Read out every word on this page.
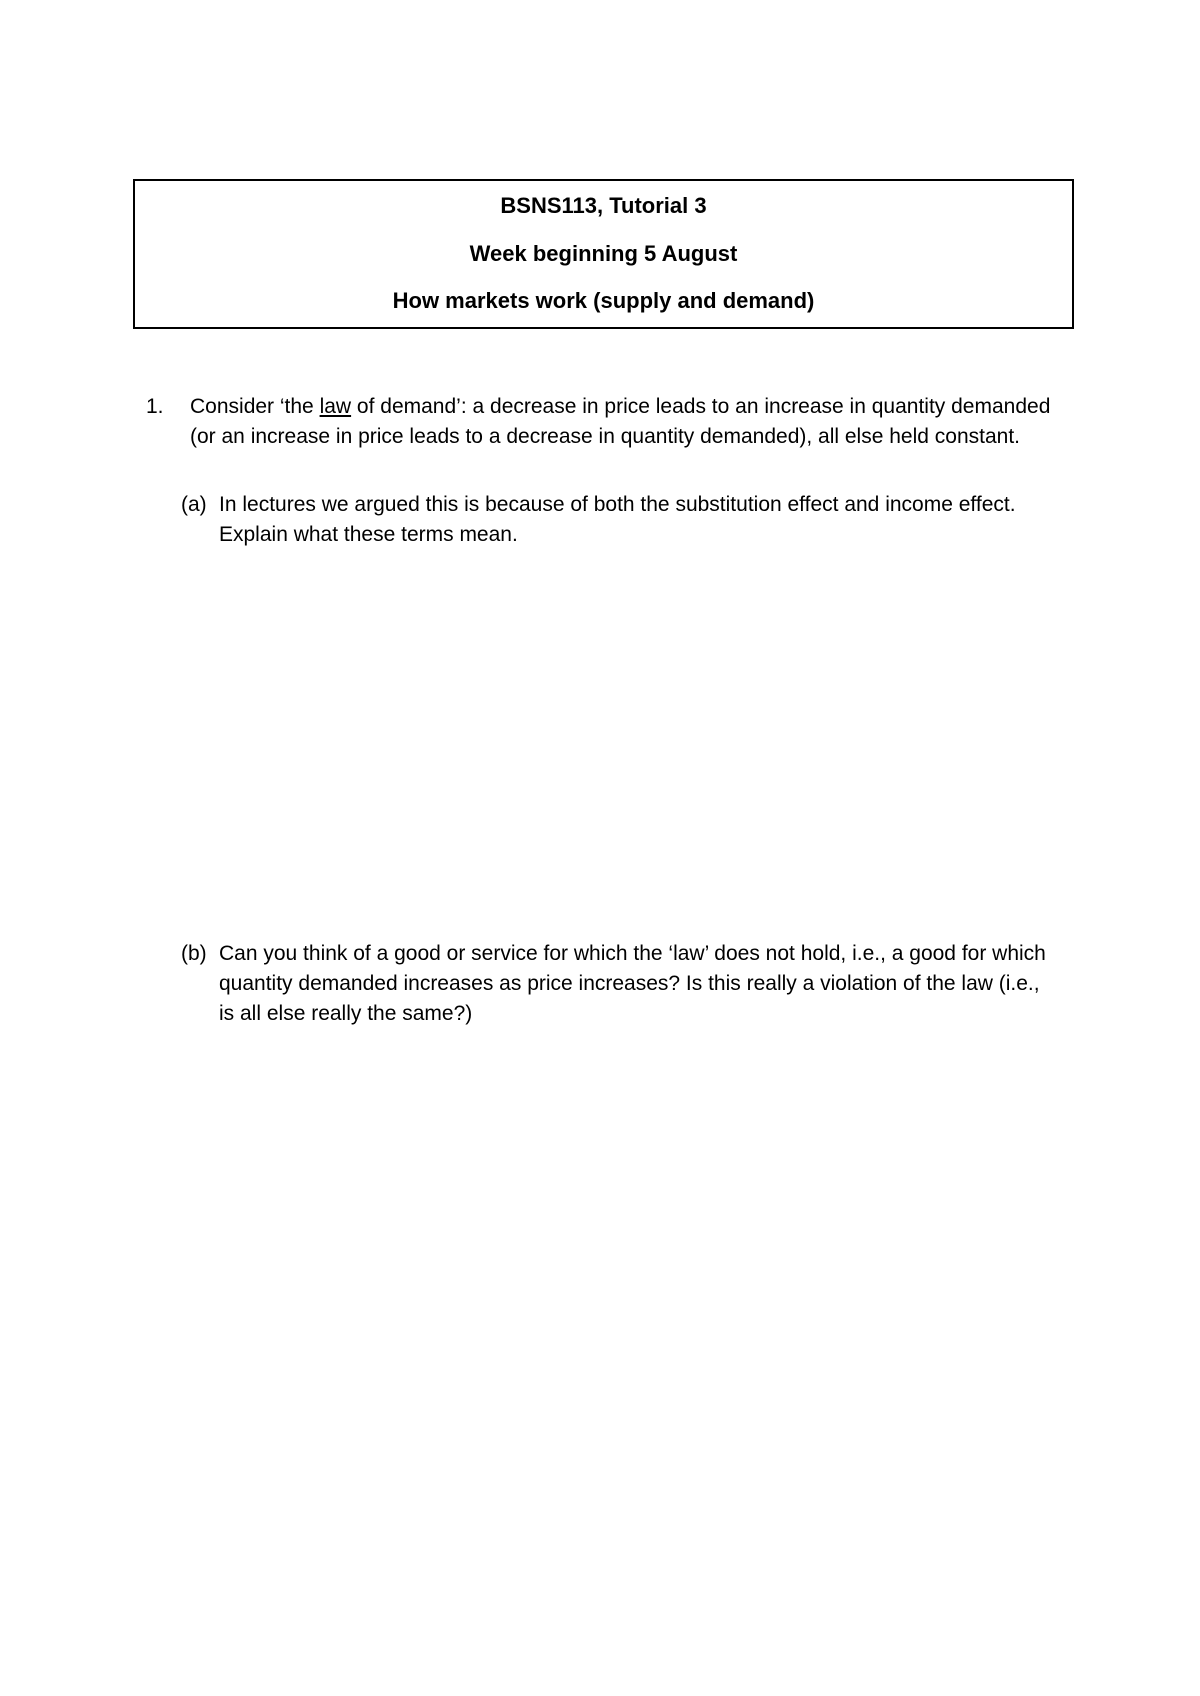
BSNS113, Tutorial 3
Week beginning 5 August
How markets work (supply and demand)
1. Consider ‘the law of demand’: a decrease in price leads to an increase in quantity demanded (or an increase in price leads to a decrease in quantity demanded), all else held constant.
(a) In lectures we argued this is because of both the substitution effect and income effect. Explain what these terms mean.
(b) Can you think of a good or service for which the ‘law’ does not hold, i.e., a good for which quantity demanded increases as price increases? Is this really a violation of the law (i.e., is all else really the same?)
